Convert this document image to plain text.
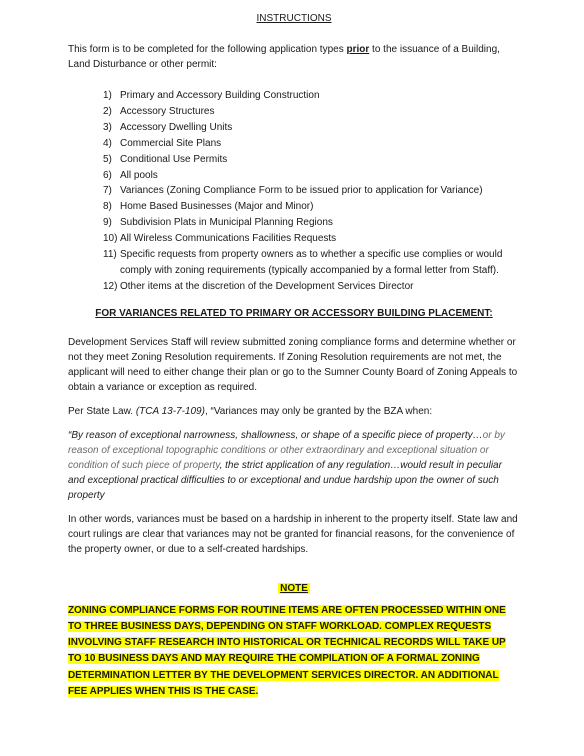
INSTRUCTIONS

This form is to be completed for the following application types prior to the issuance of a Building, Land Disturbance or other permit:

1) Primary and Accessory Building Construction
2) Accessory Structures
3) Accessory Dwelling Units
4) Commercial Site Plans
5) Conditional Use Permits
6) All pools
7) Variances (Zoning Compliance Form to be issued prior to application for Variance)
8) Home Based Businesses (Major and Minor)
9) Subdivision Plats in Municipal Planning Regions
10) All Wireless Communications Facilities Requests
11) Specific requests from property owners as to whether a specific use complies or would comply with zoning requirements (typically accompanied by a formal letter from Staff).
12) Other items at the discretion of the Development Services Director

FOR VARIANCES RELATED TO PRIMARY OR ACCESSORY BUILDING PLACEMENT:

Development Services Staff will review submitted zoning compliance forms and determine whether or not they meet Zoning Resolution requirements. If Zoning Resolution requirements are not met, the applicant will need to either change their plan or go to the Sumner County Board of Zoning Appeals to obtain a variance or exception as required.

Per State Law. (TCA 13-7-109), “Variances may only be granted by the BZA when:

“By reason of exceptional narrowness, shallowness, or shape of a specific piece of property…or by reason of exceptional topographic conditions or other extraordinary and exceptional situation or condition of such piece of property, the strict application of any regulation…would result in peculiar and exceptional practical difficulties to or exceptional and undue hardship upon the owner of such property

In other words, variances must be based on a hardship in inherent to the property itself. State law and court rulings are clear that variances may not be granted for financial reasons, for the convenience of the property owner, or due to a self-created hardships.

NOTE

ZONING COMPLIANCE FORMS FOR ROUTINE ITEMS ARE OFTEN PROCESSED WITHIN ONE TO THREE BUSINESS DAYS, DEPENDING ON STAFF WORKLOAD. COMPLEX REQUESTS INVOLVING STAFF RESEARCH INTO HISTORICAL OR TECHNICAL RECORDS WILL TAKE UP TO 10 BUSINESS DAYS AND MAY REQUIRE THE COMPILATION OF A FORMAL ZONING DETERMINATION LETTER BY THE DEVELOPMENT SERVICES DIRECTOR. AN ADDITIONAL FEE APPLIES WHEN THIS IS THE CASE.
